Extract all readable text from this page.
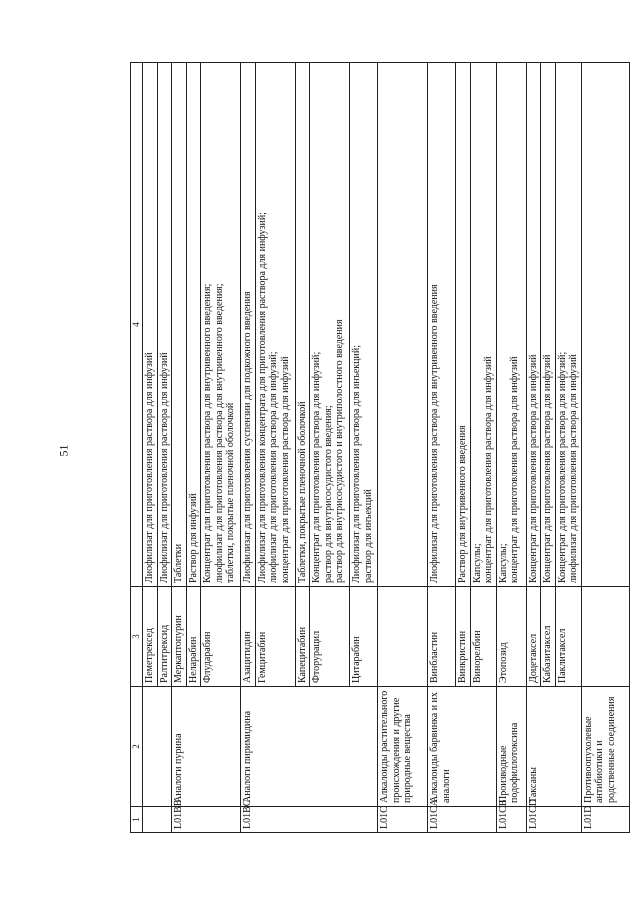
51
1	2	3	4
		Пеметрексед	Лиофилизат для приготовления раствора для инфузий
		Ралтитрексид	Лиофилизат для приготовления раствора для инфузий
L01BB	Аналоги пурина	Меркаптопурин	Таблетки
		Неларабин	Раствор для инфузий
		Флударабин	Концентрат для приготовления раствора для внутривенного введения;
лиофилизат для приготовления раствора для внутривенного введения;
таблетки, покрытые пленочной оболочкой
L01BC	Аналоги пиримидина	Азацитидин	Лиофилизат для приготовления суспензии для подкожного введения
		Гемцитабин	Лиофилизат для приготовления концентрата для приготовления раствора для инфузий;
лиофилизат для приготовления раствора для инфузий;
концентрат для приготовления раствора для инфузий
		Капецитабин	Таблетки, покрытые пленочной оболочкой
		Фторурацил	Концентрат для приготовления раствора для инфузий;
раствор для внутрисосудистого введения;
раствор для внутрисосудистого и внутриполостного введения
		Цитарабин	Лиофилизат для приготовления раствора для инъекций;
раствор для инъекций
L01C	Алкалоиды растительного происхождения и другие природные вещества		
L01CA	Алкалоиды барвинка и их аналоги	Винбластин	Лиофилизат для приготовления раствора для внутривенного введения
		Винкристин	Раствор для внутривенного введения
		Винорелбин	Капсулы;
концентрат для приготовления раствора для инфузий
L01CB	Производные подофиллотоксина	Этопозид	Капсулы;
концентрат для приготовления раствора для инфузий
L01CD	Таксаны	Доцетаксел	Концентрат для приготовления раствора для инфузий
		Кабазитаксел	Концентрат для приготовления раствора для инфузий
		Паклитаксел	Концентрат для приготовления раствора для инфузий;
лиофилизат для приготовления раствора для инфузий
L01D	Противоопухолевые антибиотики и родственные соединения		
